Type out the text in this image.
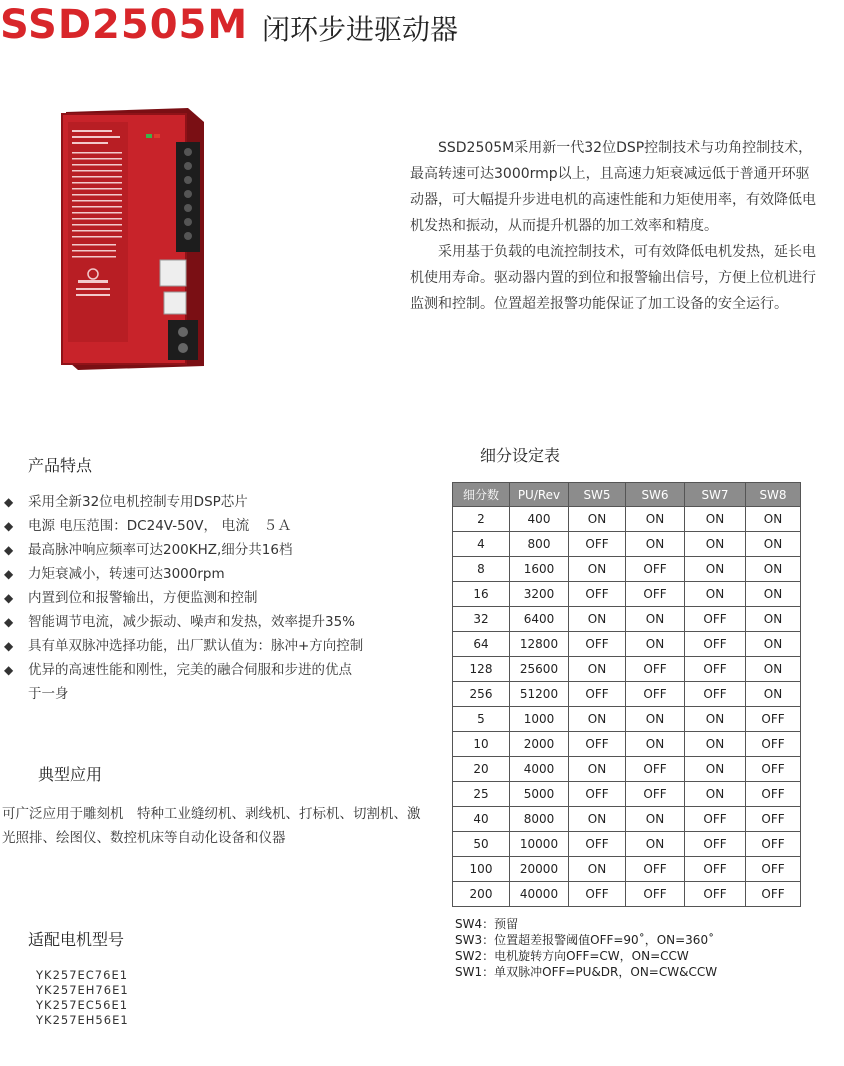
SSD2505M 闭环步进驱动器

SSD2505M采用新一代32位DSP控制技术与功角控制技术，最高转速可达3000rmp以上，且高速力矩衰减远低于普通开环驱动器，可大幅提升步进电机的高速性能和力矩使用率，有效降低电机发热和振动，从而提升机器的加工效率和精度。

采用基于负载的电流控制技术，可有效降低电机发热，延长电机使用寿命。驱动器内置的到位和报警输出信号，方便上位机进行监测和控制。位置超差报警功能保证了加工设备的安全运行。

产品特点
◆ 采用全新32位电机控制专用DSP芯片
◆ 电源 电压范围：DC24V-50V， 电流　５Ａ
◆ 最高脉冲响应频率可达200KHZ,细分共16档
◆ 力矩衰减小，转速可达3000rpm
◆ 内置到位和报警输出，方便监测和控制
◆ 智能调节电流，减少振动、噪声和发热，效率提升35%
◆ 具有单双脉冲选择功能，出厂默认值为：脉冲+方向控制
◆ 优异的高速性能和刚性，完美的融合伺服和步进的优点于一身
典型应用
可广泛应用于雕刻机　特种工业缝纫机、剥线机、打标机、切割机、激光照排、绘图仪、数控机床等自动化设备和仪器
适配电机型号
YK257EC76E1
YK257EH76E1
YK257EC56E1
YK257EH56E1
细分设定表
细分数	PU/Rev	SW5	SW6	SW7	SW8
2	400	ON	ON	ON	ON
4	800	OFF	ON	ON	ON
8	1600	ON	OFF	ON	ON
16	3200	OFF	OFF	ON	ON
32	6400	ON	ON	OFF	ON
64	12800	OFF	ON	OFF	ON
128	25600	ON	OFF	OFF	ON
256	51200	OFF	OFF	OFF	ON
5	1000	ON	ON	ON	OFF
10	2000	OFF	ON	ON	OFF
20	4000	ON	OFF	ON	OFF
25	5000	OFF	OFF	ON	OFF
40	8000	ON	ON	OFF	OFF
50	10000	OFF	ON	OFF	OFF
100	20000	ON	OFF	OFF	OFF
200	40000	OFF	OFF	OFF	OFF
SW4：预留
SW3：位置超差报警阈值OFF=90˚，ON=360˚
SW2：电机旋转方向OFF=CW，ON=CCW
SW1：单双脉冲OFF=PU&DR，ON=CW&CCW
